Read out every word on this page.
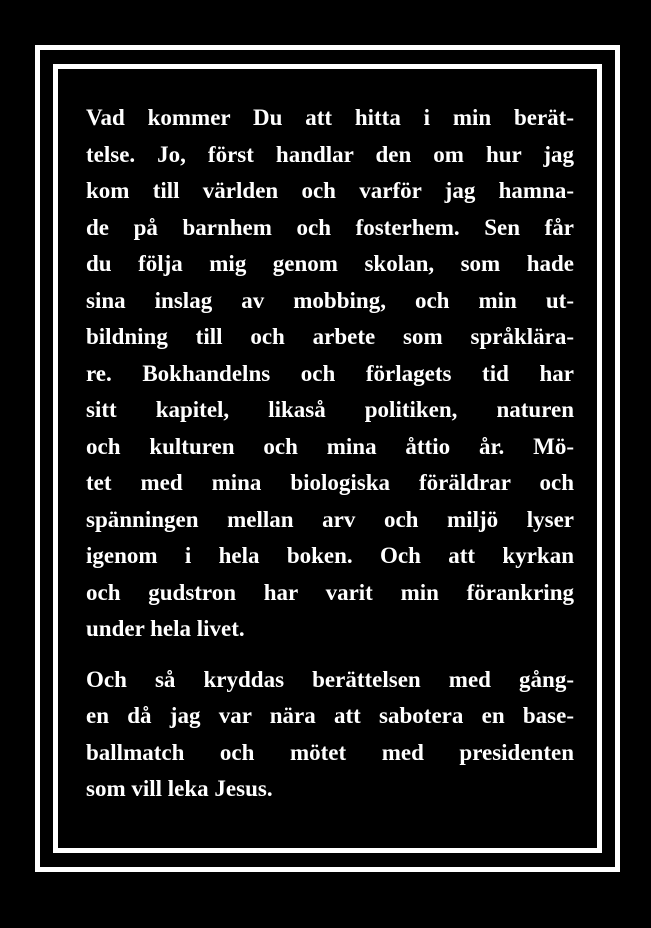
Vad kommer Du att hitta i min berät-
telse. Jo, först handlar den om hur jag
kom till världen och varför jag hamna-
de på barnhem och fosterhem. Sen får
du följa mig genom skolan, som hade
sina inslag av mobbing, och min ut-
bildning till och arbete som språklära-
re. Bokhandelns och förlagets tid har
sitt kapitel, likaså politiken, naturen
och kulturen och mina åttio år. Mö-
tet med mina biologiska föräldrar och
spänningen mellan arv och miljö lyser
igenom i hela boken. Och att kyrkan
och gudstron har varit min förankring
under hela livet.
Och så kryddas berättelsen med gång-
en då jag var nära att sabotera en base-
ballmatch och mötet med presidenten
som vill leka Jesus.
